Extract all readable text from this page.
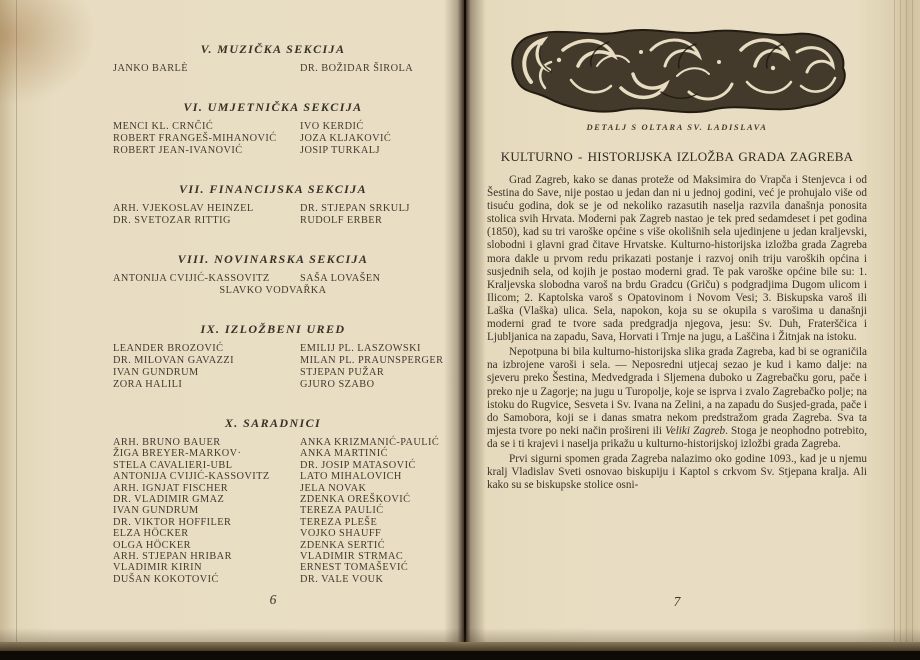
V. MUZIČKA SEKCIJA
JANKO BARLÈ	DR. BOŽIDAR ŠIROLA
VI. UMJETNIČKA SEKCIJA
MENCI KL. CRNČIĆ	IVO KERDIĆ
ROBERT FRANGEŠ-MIHANOVIĆ	JOZA KLJAKOVIĆ
ROBERT JEAN-IVANOVIĆ	JOSIP TURKALJ
VII. FINANCIJSKA SEKCIJA
ARH. VJEKOSLAV HEINZEL	DR. STJEPAN SRKULJ
DR. SVETOZAR RITTIG	RUDOLF ERBER
VIII. NOVINARSKA SEKCIJA
ANTONIJA CVIJIĆ-KASSOVITZ	SAŠA LOVAŠEN
SLAVKO VODVAŘKA
IX. IZLOŽBENI URED
LEANDER BROZOVIĆ	EMILIJ PL. LASZOWSKI
DR. MILOVAN GAVAZZI	MILAN PL. PRAUNSPERGER
IVAN GUNDRUM	STJEPAN PUŽAR
ZORA HALILI	GJURO SZABO
X. SARADNICI
ARH. BRUNO BAUER	ANKA KRIZMANIĆ-PAULIĆ
ŽIGA BREYER-MARKOV·	ANKA MARTINIĆ
STELA CAVALIERI-UBL	DR. JOSIP MATASOVIĆ
ANTONIJA CVIJIĆ-KASSOVITZ	LATO MIHALOVICH
ARH. IGNJAT FISCHER	JELA NOVAK
DR. VLADIMIR GMAZ	ZDENKA OREŠKOVIĆ
IVAN GUNDRUM	TEREZA PAULIĆ
DR. VIKTOR HOFFILER	TEREZA PLEŠE
ELZA HÖCKER	VOJKO SHAUFF
OLGA HÖCKER	ZDENKA SERTIĆ
ARH. STJEPAN HRIBAR	VLADIMIR STRMAC
VLADIMIR KIRIN	ERNEST TOMAŠEVIĆ
DUŠAN KOKOTOVIĆ	DR. VALE VOUK
6
DETALJ S OLTARA SV. LADISLAVA
KULTURNO - HISTORIJSKA IZLOŽBA GRADA ZAGREBA

Grad Zagreb, kako se danas proteže od Maksimira do Vrapča i Stenjevca i od Šestina do Save, nije postao u jedan dan ni u jednoj godini, već je prohujalo više od tisuću godina, dok se je od nekoliko razasutih naselja razvila današnja ponosita stolica svih Hrvata. Moderni pak Zagreb nastao je tek pred sedamdeset i pet godina (1850), kad su tri varoške općine s više okolišnih sela ujedinjene u jedan kraljevski, slobodni i glavni grad čitave Hrvatske. Kulturno-historijska izložba grada Zagreba mora dakle u prvom redu prikazati postanje i razvoj onih triju varoških općina i susjednih sela, od kojih je postao moderni grad. Te pak varoške općine bile su: 1. Kraljevska slobodna varoš na brdu Gradcu (Griču) s podgradjima Dugom ulicom i Ilicom; 2. Kaptolska varoš s Opatovinom i Novom Vesi; 3. Biskupska varoš ili Laška (Vlaška) ulica. Sela, napokon, koja su se okupila s varošima u današnji moderni grad te tvore sada predgradja njegova, jesu: Sv. Duh, Fraterščica i Ljubljanica na zapadu, Sava, Horvati i Trnje na jugu, a Laščina i Žitnjak na istoku.

Nepotpuna bi bila kulturno-historijska slika grada Zagreba, kad bi se ograničila na izbrojene varoši i sela. — Neposredni utjecaj sezao je kud i kamo dalje: na sjeveru preko Šestina, Medvedgrada i Sljemena duboko u Zagrebačku goru, pače i preko nje u Zagorje; na jugu u Turopolje, koje se isprva i zvalo Zagrebačko polje; na istoku do Rugvice, Sesveta i Sv. Ivana na Zelini, a na zapadu do Susjed-grada, pače i do Samobora, koji se i danas smatra nekom predstražom grada Zagreba. Sva ta mjesta tvore po neki način prošireni ili Veliki Zagreb. Stoga je neophodno potrebito, da se i ti krajevi i naselja prikažu u kulturno-historijskoj izložbi grada Zagreba.

Prvi sigurni spomen grada Zagreba nalazimo oko godine 1093., kad je u njemu kralj Vladislav Sveti osnovao biskupiju i Kaptol s crkvom Sv. Stjepana kralja. Ali kako su se biskupske stolice osni-

7
